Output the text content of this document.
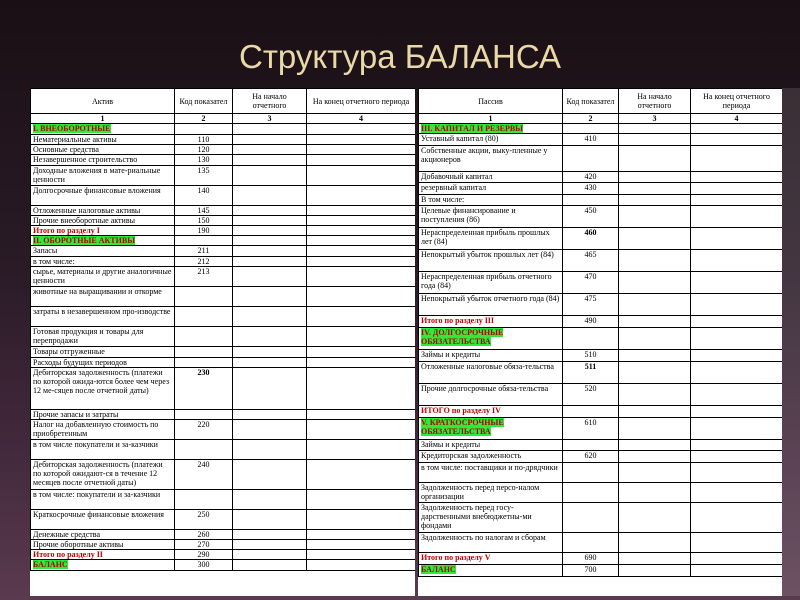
Структура БАЛАНСА
Актив	Код показател	На начало отчетного	На конец отчетного периода
1	2	3	4
I. ВНЕОБОРОТНЫЕ			
Нематериальные активы	110		
Основные средства	120		
Незавершенное строительство	130		
Доходные вложения в мате-риальные ценности	135		
Долгосрочные финансовые вложения	140		
Отложенные налоговые активы	145		
Прочие внеоборотные активы	150		
Итого по разделу I	190		
II. ОБОРОТНЫЕ АКТИВЫ			
Запасы	211		
в том числе:	212		
сырье, материалы и другие аналогичные ценности	213		
животные на выращивании и откорме			
затраты в незавершенном про-изводстве			
Готовая продукция и товары для перепродажи			
Товары отгруженные			
Расходы будущих периодов			
Дебиторская задолженность (платежи по которой ожида-ются более чем через 12 ме-сяцев после отчетной даты)	230		
Прочие запасы и затраты			
Налог на добавленную стоимость по приобретенным	220		
в том числе покупатели и за-казчики			
Дебиторская задолженность (платежи по которой ожидают-ся в течение 12 месяцев после отчетной даты)	240		
в том числе: покупатели и за-казчики			
Краткосрочные финансовые вложения	250		
Денежные средства	260		
Прочие оборотные активы	270		
Итого по разделу II	290		
БАЛАНС	300		
Пассив	Код показател	На начало отчетного	На конец отчетного периода
1	2	3	4
III. КАПИТАЛ И РЕЗЕРВЫ			
Уставный капитал (80)	410		
Собственные акции, выку-пленные у акционеров			
Добавочный капитал	420		
резервный капитал	430		
В том числе:			
Целевые финансирование и поступления (86)	450		
Нераспределенная прибыль прошлых лет (84)	460		
Непокрытый убыток прошлых лет (84)	465		
Нераспределенная прибыль отчетного года (84)	470		
Непокрытый убыток отчетного года (84)	475		
Итого по разделу III	490		
IV. ДОЛГОСРОЧНЫЕ ОБЯЗАТЕЛЬСТВА			
Займы и кредиты	510		
Отложенные налоговые обяза-тельства	511		
Прочие долгосрочные обяза-тельства	520		
ИТОГО по разделу IV			
V. КРАТКОСРОЧНЫЕ ОБЯЗАТЕЛЬСТВА	610		
Займы и кредиты			
Кредиторская задолженность	620		
в том числе: поставщики и по-дрядчики			
Задолженность перед персо-налом организации			
Задолженность перед госу-дарственными внебюджетны-ми фондами			
Задолженность по налогам и сборам			
Итого по разделу V	690		
БАЛАНС	700		
